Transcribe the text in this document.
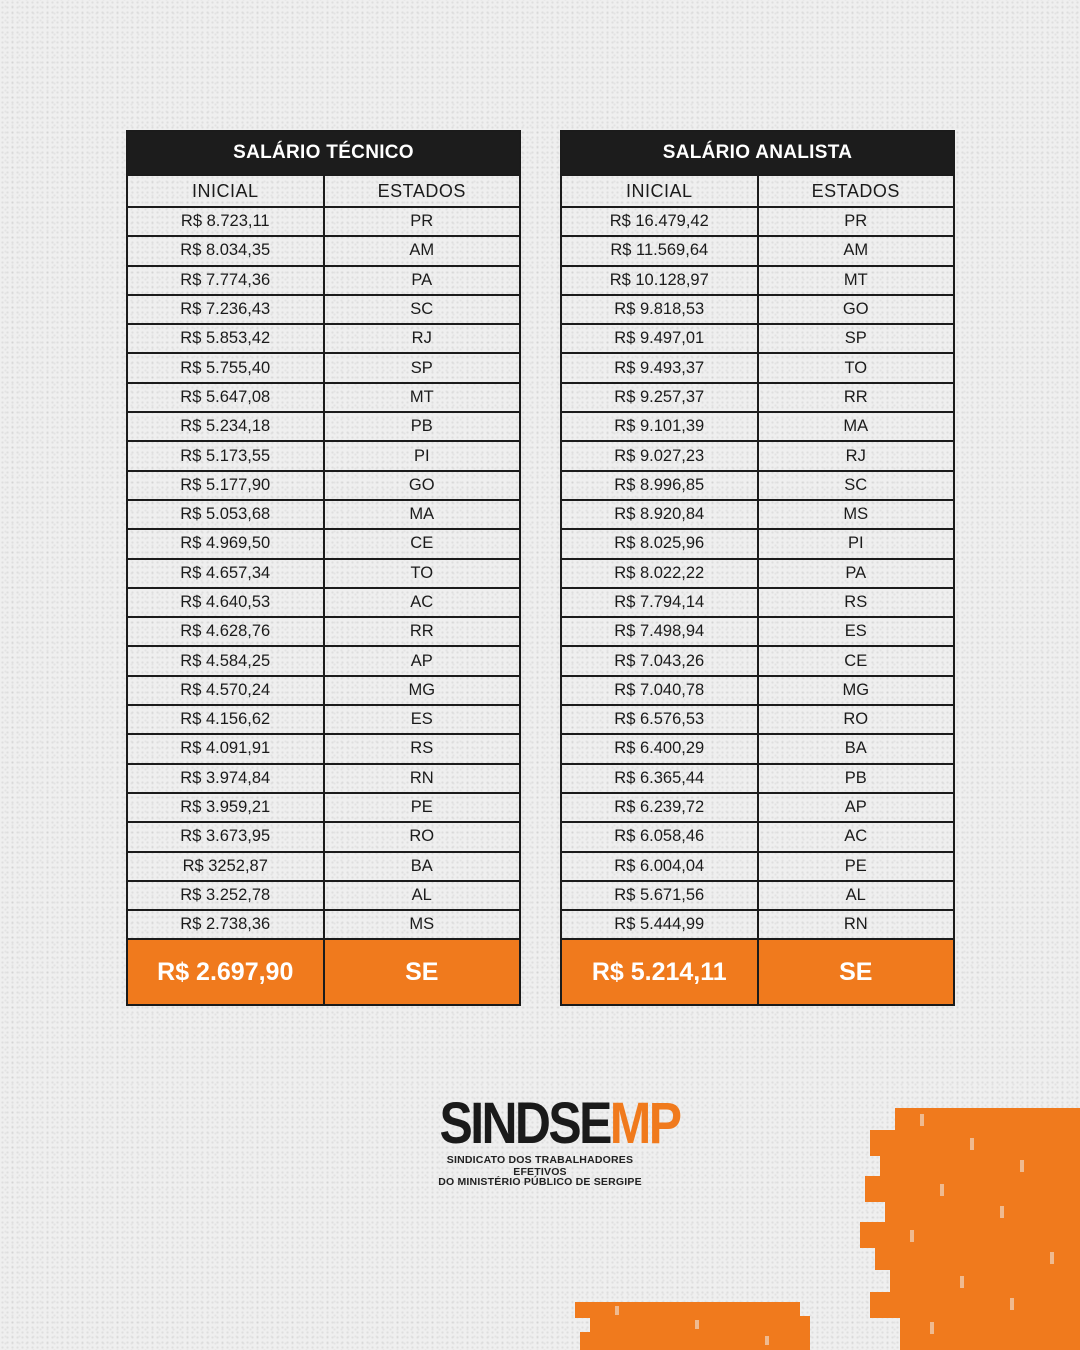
SALÁRIO TÉCNICO	
INICIAL	ESTADOS
R$ 8.723,11	PR
R$ 8.034,35	AM
R$ 7.774,36	PA
R$ 7.236,43	SC
R$ 5.853,42	RJ
R$ 5.755,40	SP
R$ 5.647,08	MT
R$ 5.234,18	PB
R$ 5.173,55	PI
R$ 5.177,90	GO
R$ 5.053,68	MA
R$ 4.969,50	CE
R$ 4.657,34	TO
R$ 4.640,53	AC
R$ 4.628,76	RR
R$ 4.584,25	AP
R$ 4.570,24	MG
R$ 4.156,62	ES
R$ 4.091,91	RS
R$ 3.974,84	RN
R$ 3.959,21	PE
R$ 3.673,95	RO
R$ 3252,87	BA
R$ 3.252,78	AL
R$ 2.738,36	MS
R$ 2.697,90	SE
SALÁRIO ANALISTA	
INICIAL	ESTADOS
R$ 16.479,42	PR
R$ 11.569,64	AM
R$ 10.128,97	MT
R$ 9.818,53	GO
R$ 9.497,01	SP
R$ 9.493,37	TO
R$ 9.257,37	RR
R$ 9.101,39	MA
R$ 9.027,23	RJ
R$ 8.996,85	SC
R$ 8.920,84	MS
R$ 8.025,96	PI
R$ 8.022,22	PA
R$ 7.794,14	RS
R$ 7.498,94	ES
R$ 7.043,26	CE
R$ 7.040,78	MG
R$ 6.576,53	RO
R$ 6.400,29	BA
R$ 6.365,44	PB
R$ 6.239,72	AP
R$ 6.058,46	AC
R$ 6.004,04	PE
R$ 5.671,56	AL
R$ 5.444,99	RN
R$ 5.214,11	SE
SINDSEMP
SINDICATO DOS TRABALHADORES EFETIVOS
DO MINISTÉRIO PÚBLICO DE SERGIPE
